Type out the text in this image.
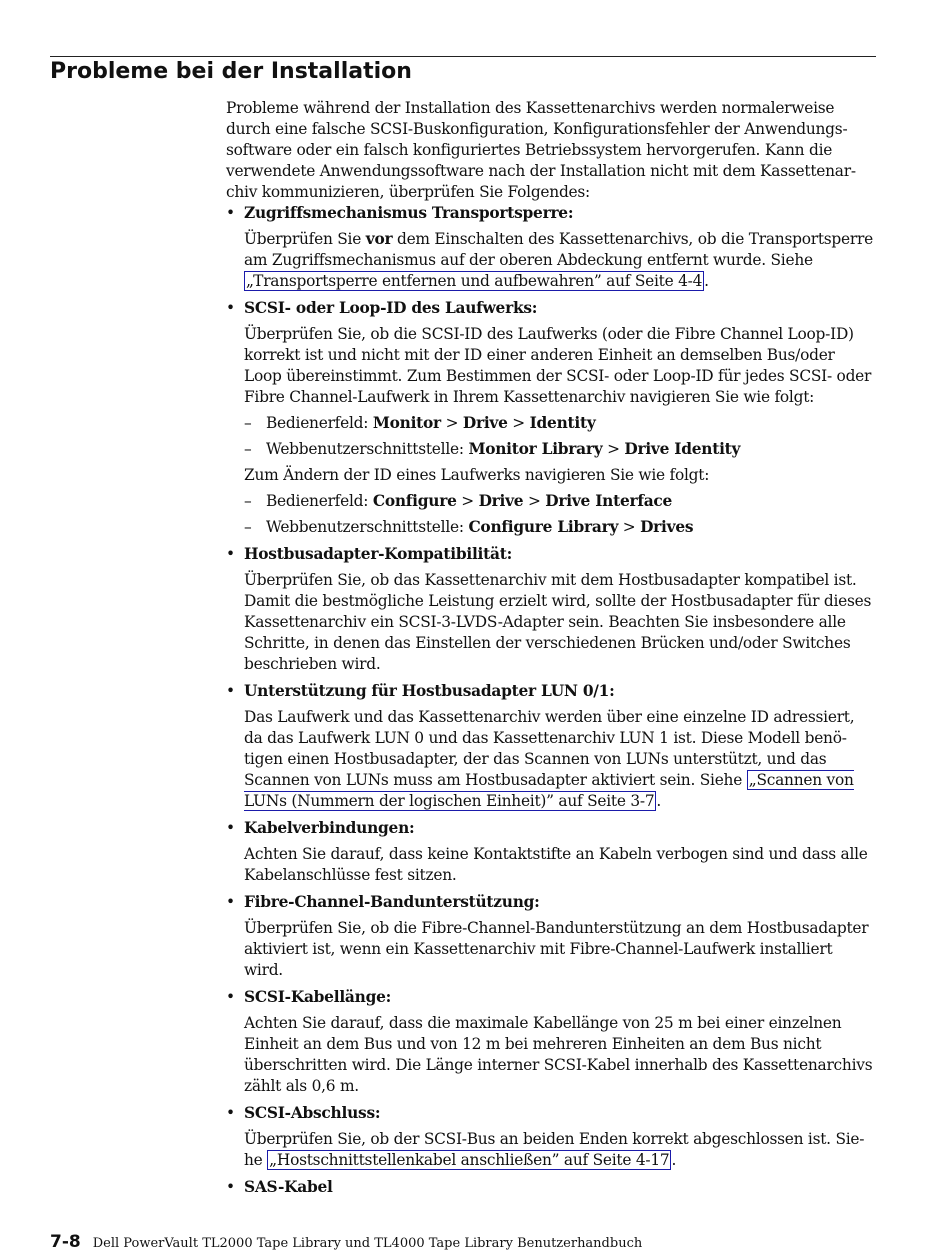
Probleme bei der Installation

Probleme während der Installation des Kassettenarchivs werden normalerweise durch eine falsche SCSI-Buskonfiguration, Konfigurationsfehler der Anwendungssoftware oder ein falsch konfiguriertes Betriebssystem hervorgerufen. Kann die verwendete Anwendungssoftware nach der Installation nicht mit dem Kassettenarchiv kommunizieren, überprüfen Sie Folgendes:

• Zugriffsmechanismus Transportsperre:

Überprüfen Sie vor dem Einschalten des Kassettenarchivs, ob die Transportsperre am Zugriffsmechanismus auf der oberen Abdeckung entfernt wurde. Siehe „Transportsperre entfernen und aufbewahren” auf Seite 4-4 .

• SCSI- oder Loop-ID des Laufwerks:

Überprüfen Sie, ob die SCSI-ID des Laufwerks (oder die Fibre Channel Loop-ID) korrekt ist und nicht mit der ID einer anderen Einheit an demselben Bus/oder Loop übereinstimmt. Zum Bestimmen der SCSI- oder Loop-ID für jedes SCSI- oder Fibre Channel-Laufwerk in Ihrem Kassettenarchiv navigieren Sie wie folgt:

– Bedienerfeld: Monitor > Drive > Identity
– Webbenutzerschnittstelle: Monitor Library > Drive Identity

Zum Ändern der ID eines Laufwerks navigieren Sie wie folgt:

– Bedienerfeld: Configure > Drive > Drive Interface
– Webbenutzerschnittstelle: Configure Library > Drives

• Hostbusadapter-Kompatibilität:

Überprüfen Sie, ob das Kassettenarchiv mit dem Hostbusadapter kompatibel ist. Damit die bestmögliche Leistung erzielt wird, sollte der Hostbusadapter für dieses Kassettenarchiv ein SCSI-3-LVDS-Adapter sein. Beachten Sie insbesondere alle Schritte, in denen das Einstellen der verschiedenen Brücken und/oder Switches beschrieben wird.

• Unterstützung für Hostbusadapter LUN 0/1:

Das Laufwerk und das Kassettenarchiv werden über eine einzelne ID adressiert, da das Laufwerk LUN 0 und das Kassettenarchiv LUN 1 ist. Diese Modell benötigen einen Hostbusadapter, der das Scannen von LUNs unterstützt, und das Scannen von LUNs muss am Hostbusadapter aktiviert sein. Siehe „Scannen von LUNs (Nummern der logischen Einheit)” auf Seite 3-7 .

• Kabelverbindungen:

Achten Sie darauf, dass keine Kontaktstifte an Kabeln verbogen sind und dass alle Kabelanschlüsse fest sitzen.

• Fibre-Channel-Bandunterstützung:

Überprüfen Sie, ob die Fibre-Channel-Bandunterstützung an dem Hostbusadapter aktiviert ist, wenn ein Kassettenarchiv mit Fibre-Channel-Laufwerk installiert wird.

• SCSI-Kabellänge:

Achten Sie darauf, dass die maximale Kabellänge von 25 m bei einer einzelnen Einheit an dem Bus und von 12 m bei mehreren Einheiten an dem Bus nicht überschritten wird. Die Länge interner SCSI-Kabel innerhalb des Kassettenarchivs zählt als 0,6 m.

• SCSI-Abschluss:

Überprüfen Sie, ob der SCSI-Bus an beiden Enden korrekt abgeschlossen ist. Siehe „Hostschnittstellenkabel anschließen” auf Seite 4-17 .

• SAS-Kabel

7-8 Dell PowerVault TL2000 Tape Library und TL4000 Tape Library Benutzerhandbuch
